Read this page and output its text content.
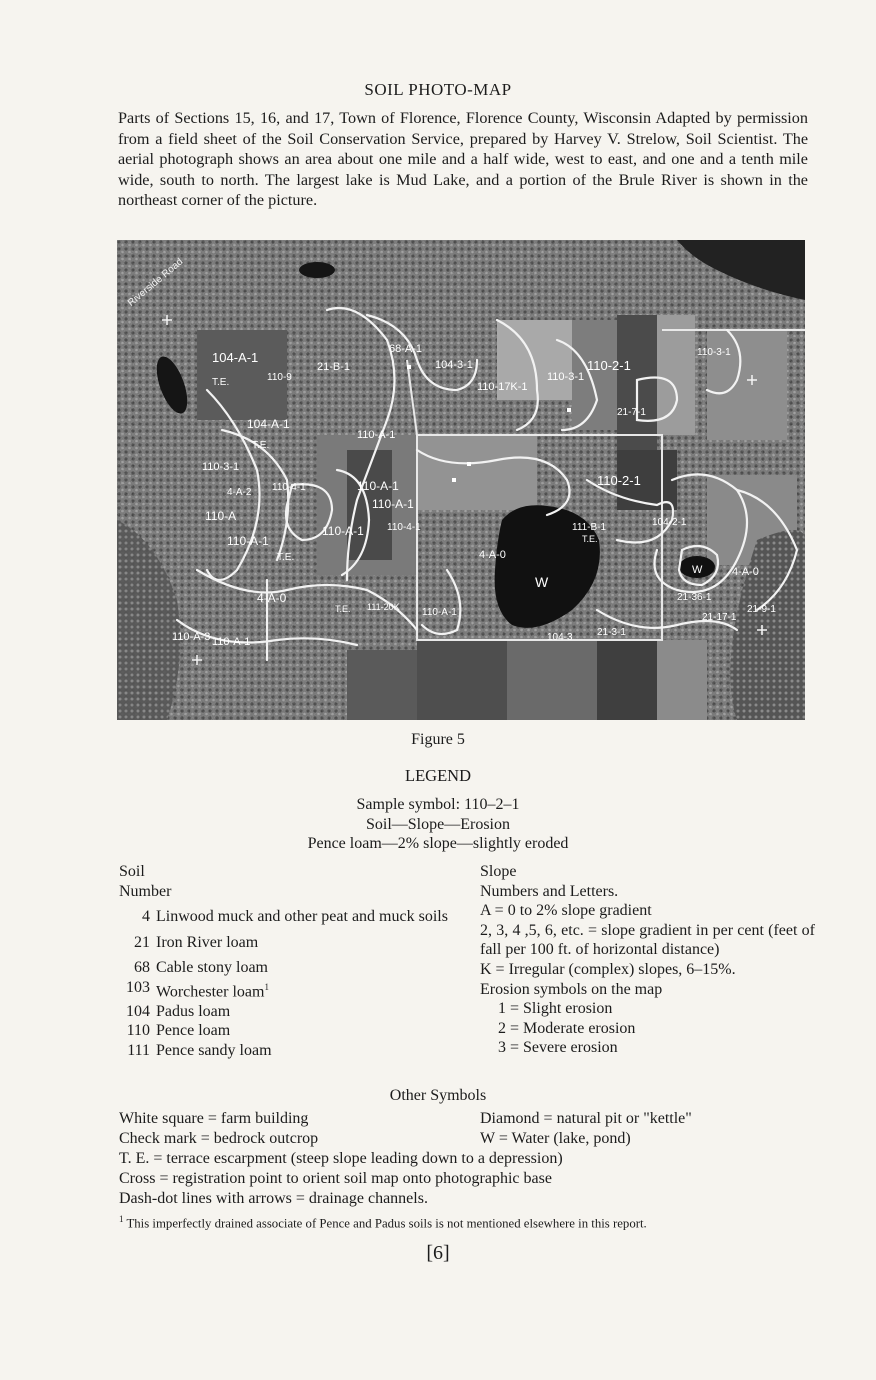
SOIL PHOTO-MAP

Parts of Sections 15, 16, and 17, Town of Florence, Florence County, Wisconsin Adapted by permission from a field sheet of the Soil Conservation Service, prepared by Harvey V. Strelow, Soil Scientist. The aerial photograph shows an area about one mile and a half wide, west to east, and one and a tenth mile wide, south to north. The largest lake is Mud Lake, and a portion of the Brule River is shown in the northeast corner of the picture.

Riverside Road
104-A-1
T.E.	110-9
21-B-1
68-A-1
104-3-1
110-17K-1
110-3-1
110-2-1
110-3-1
21-7-1
104-A-1
T.E.
110-A-1
110-A-1
110-3-1
4-A-2 110-4-1
110-A-1
110-4-1
110-A-1
110-A-1
110-A
T.E.
110-2-1
111-B-1	104-2-1
T.E.
W
W
4-A-0
4-A-0
21-36-1
21-17-1
21-9-1
110-A-1
4-A-0
T.E. 111-20K
110-A-3	104-3 21-3-1
110-A-1
Figure 5
LEGEND
Sample symbol: 110–2–1
Soil—Slope—Erosion
Pence loam—2% slope—slightly eroded
Soil
Number
4 Linwood muck and other peat and muck soils
21 Iron River loam
68 Cable stony loam
103 Worchester loam$^1$
104 Padus loam
110 Pence loam
111 Pence sandy loam
Slope
Numbers and Letters.
A = 0 to 2% slope gradient
2, 3, 4 ,5, 6, etc. = slope gradient in per cent (feet of fall per 100 ft. of horizontal distance)
K = Irregular (complex) slopes, 6–15%.
Erosion symbols on the map
1 = Slight erosion
2 = Moderate erosion
3 = Severe erosion
Other Symbols
White square = farm building	Diamond = natural pit or "kettle"
Check mark = bedrock outcrop	W = Water (lake, pond)
T. E. = terrace escarpment (steep slope leading down to a depression)
Cross = registration point to orient soil map onto photographic base
Dash-dot lines with arrows = drainage channels.
$^1$ This imperfectly drained associate of Pence and Padus soils is not mentioned elsewhere in this report.
[6]
